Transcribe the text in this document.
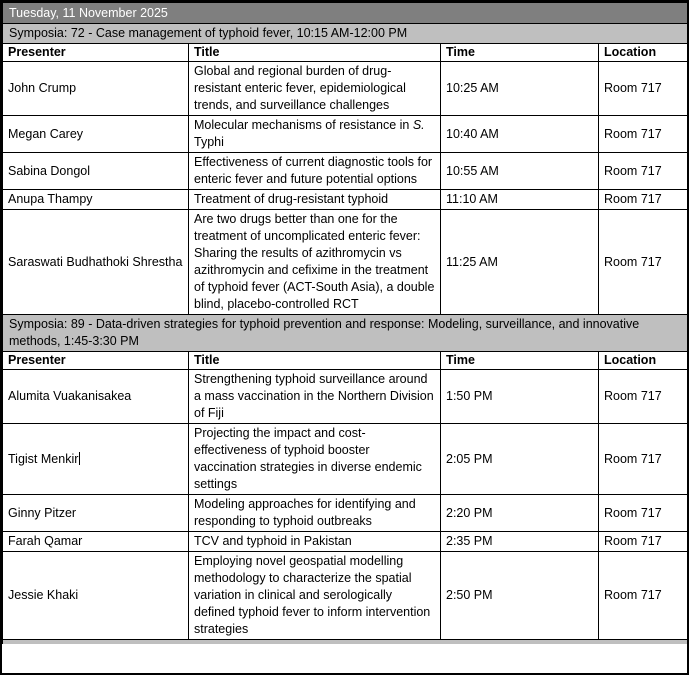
Tuesday, 11 November 2025			
Symposia: 72 - Case management of typhoid fever, 10:15 AM-12:00 PM			
Presenter	Title	Time	Location
John Crump	Global and regional burden of drug-resistant enteric fever, epidemiological trends, and surveillance challenges	10:25 AM	Room 717
Megan Carey	Molecular mechanisms of resistance in S. Typhi	10:40 AM	Room 717
Sabina Dongol	Effectiveness of current diagnostic tools for enteric fever and future potential options	10:55 AM	Room 717
Anupa Thampy	Treatment of drug-resistant typhoid	11:10 AM	Room 717
Saraswati Budhathoki Shrestha	Are two drugs better than one for the treatment of uncomplicated enteric fever: Sharing the results of azithromycin vs azithromycin and cefixime in the treatment of typhoid fever (ACT-South Asia), a double blind, placebo-controlled RCT	11:25 AM	Room 717
Symposia: 89 - Data-driven strategies for typhoid prevention and response: Modeling, surveillance, and innovative methods, 1:45-3:30 PM			
Presenter	Title	Time	Location
Alumita Vuakanisakea	Strengthening typhoid surveillance around a mass vaccination in the Northern Division of Fiji	1:50 PM	Room 717
Tigist Menkir	Projecting the impact and cost-effectiveness of typhoid booster vaccination strategies in diverse endemic settings	2:05 PM	Room 717
Ginny Pitzer	Modeling approaches for identifying and responding to typhoid outbreaks	2:20 PM	Room 717
Farah Qamar	TCV and typhoid in Pakistan	2:35 PM	Room 717
Jessie Khaki	Employing novel geospatial modelling methodology to characterize the spatial variation in clinical and serologically defined typhoid fever to inform intervention strategies	2:50 PM	Room 717
